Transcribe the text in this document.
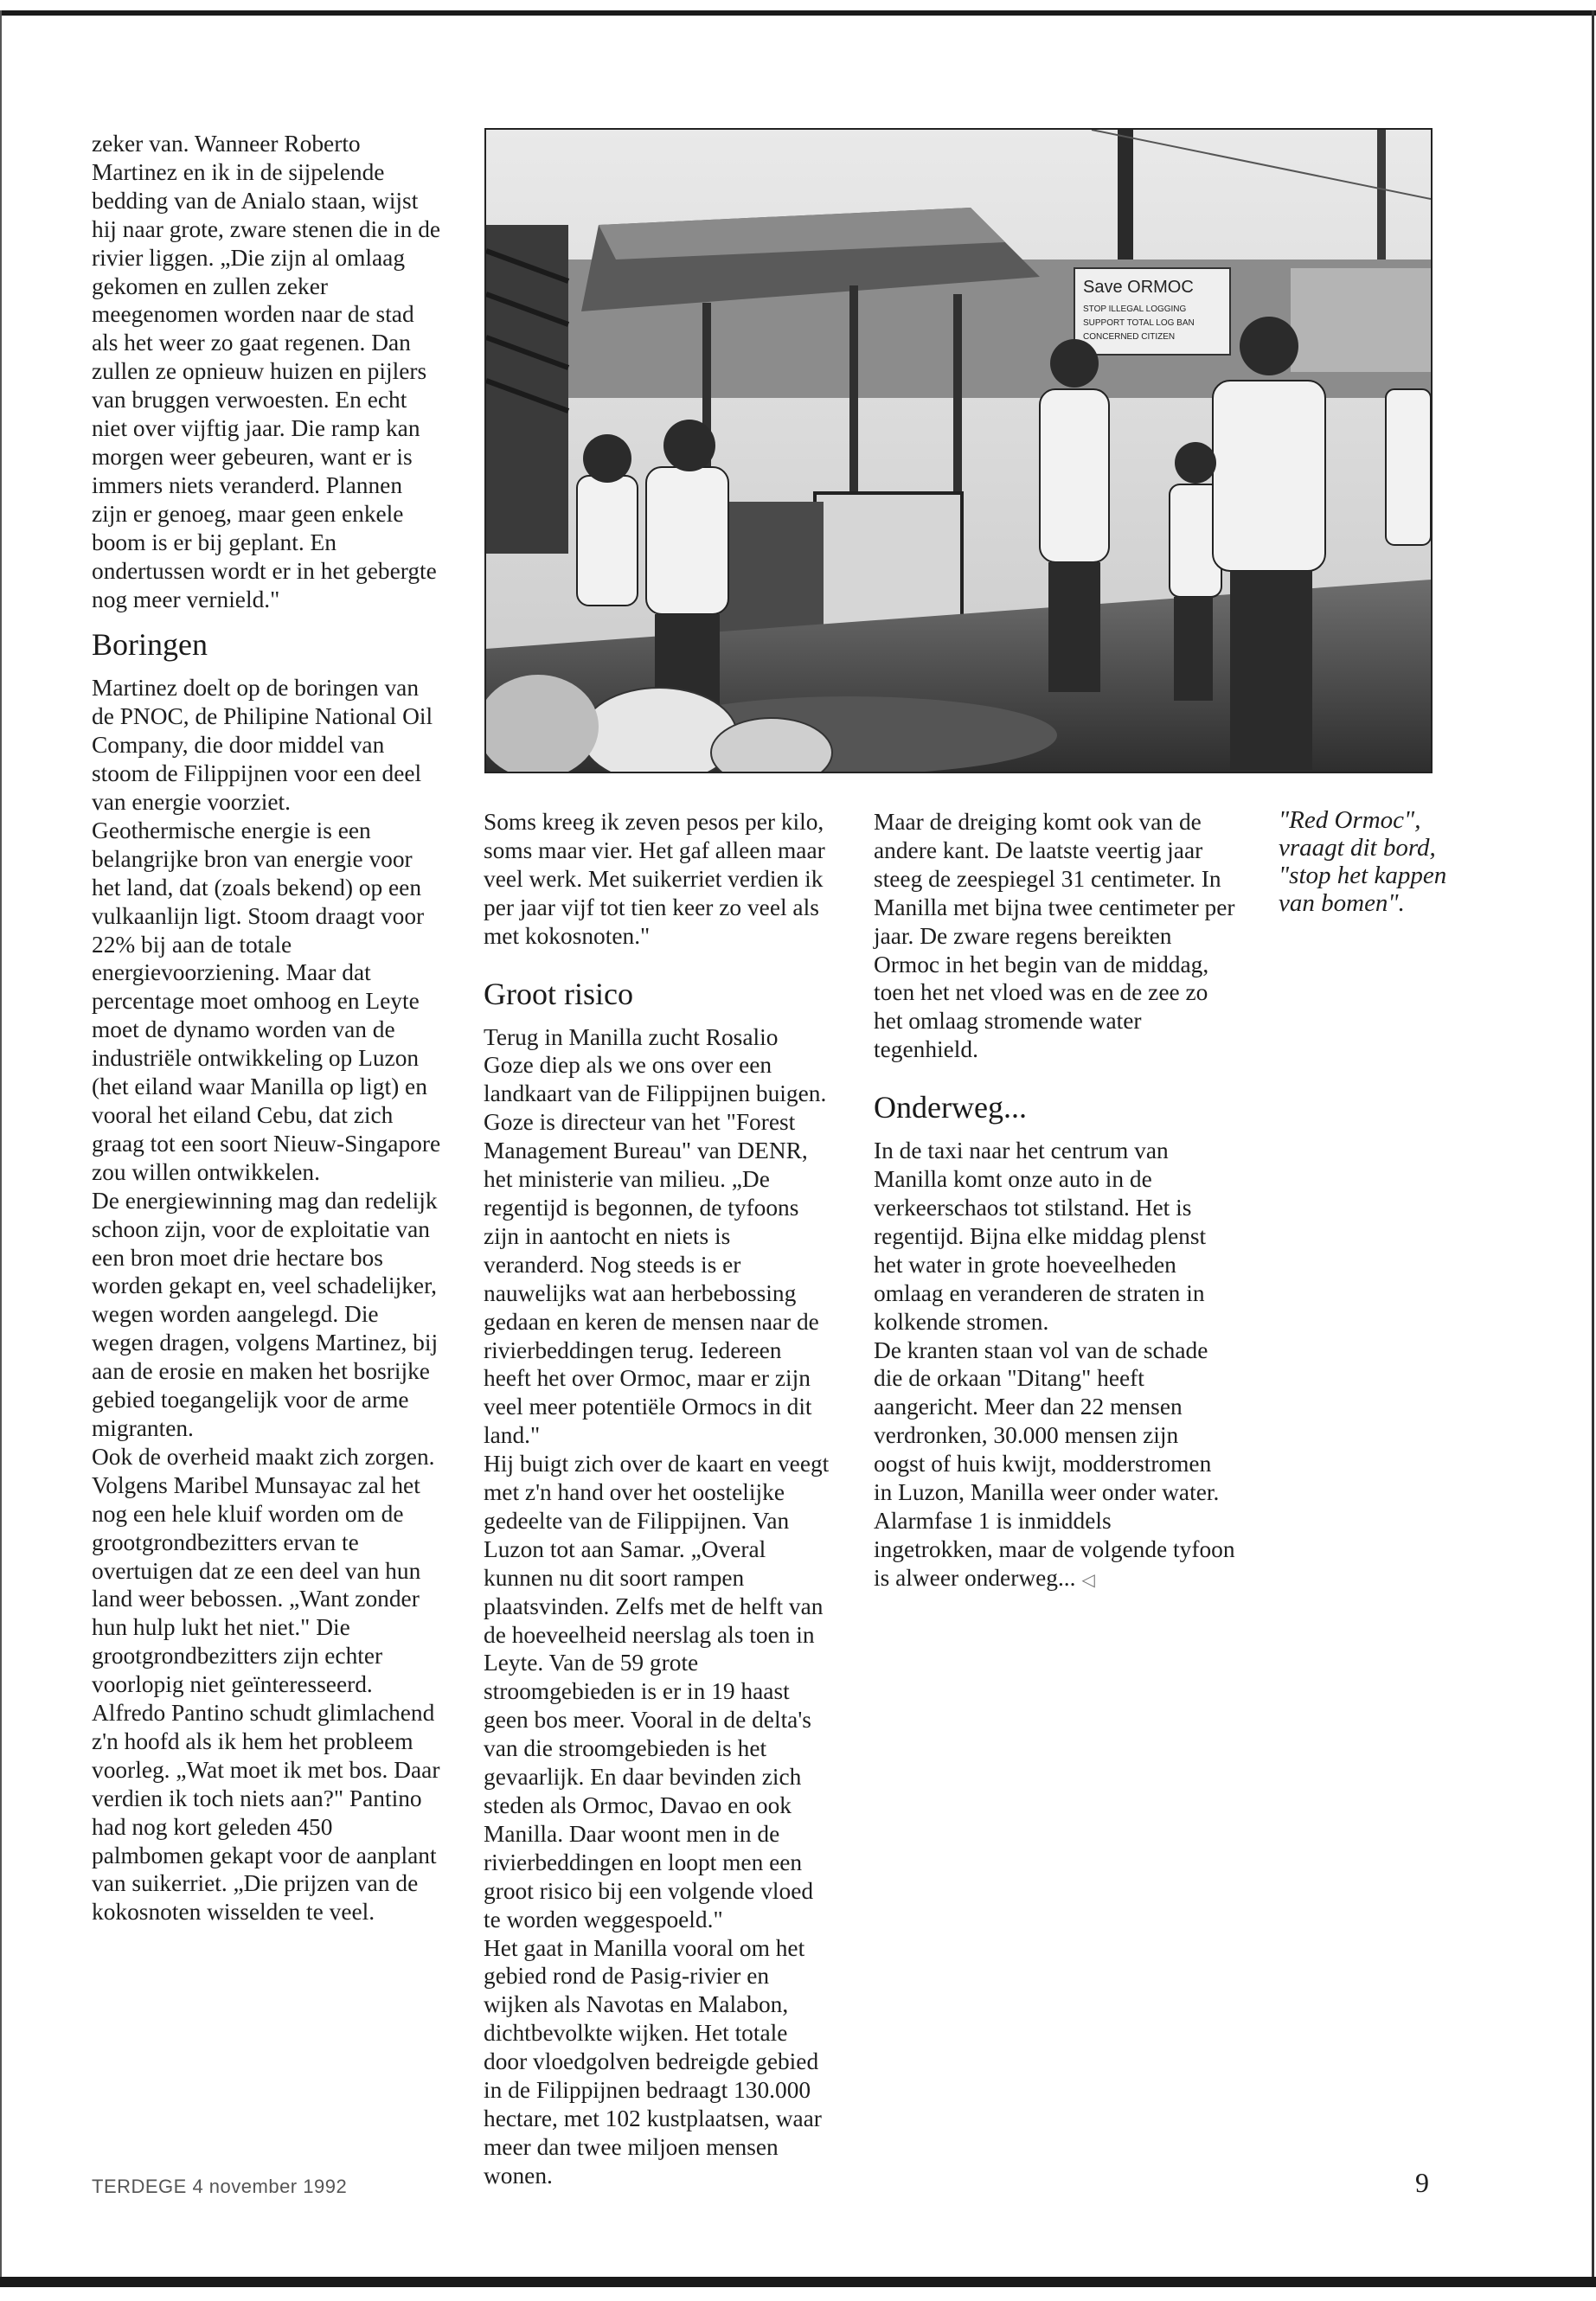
zeker van. Wanneer Roberto Martinez en ik in de sijpelende bedding van de Anialo staan, wijst hij naar grote, zware stenen die in de rivier liggen. „Die zijn al omlaag gekomen en zullen zeker meegenomen worden naar de stad als het weer zo gaat regenen. Dan zullen ze opnieuw huizen en pijlers van bruggen verwoesten. En echt niet over vijftig jaar. Die ramp kan morgen weer gebeuren, want er is immers niets veranderd. Plannen zijn er genoeg, maar geen enkele boom is er bij geplant. En ondertussen wordt er in het gebergte nog meer vernield."

Boringen

Martinez doelt op de boringen van de PNOC, de Philipine National Oil Company, die door middel van stoom de Filippijnen voor een deel van energie voorziet.

Geothermische energie is een belangrijke bron van energie voor het land, dat (zoals bekend) op een vulkaanlijn ligt. Stoom draagt voor 22% bij aan de totale energievoorziening. Maar dat percentage moet omhoog en Leyte moet de dynamo worden van de industriële ontwikkeling op Luzon (het eiland waar Manilla op ligt) en vooral het eiland Cebu, dat zich graag tot een soort Nieuw-Singapore zou willen ontwikkelen.

De energiewinning mag dan redelijk schoon zijn, voor de exploitatie van een bron moet drie hectare bos worden gekapt en, veel schadelijker, wegen worden aangelegd. Die wegen dragen, volgens Martinez, bij aan de erosie en maken het bosrijke gebied toegangelijk voor de arme migranten.

Ook de overheid maakt zich zorgen. Volgens Maribel Munsayac zal het nog een hele kluif worden om de grootgrondbezitters ervan te overtuigen dat ze een deel van hun land weer bebossen. „Want zonder hun hulp lukt het niet." Die grootgrondbezitters zijn echter voorlopig niet geïnteresseerd.

Alfredo Pantino schudt glimlachend z'n hoofd als ik hem het probleem voorleg. „Wat moet ik met bos. Daar verdien ik toch niets aan?" Pantino had nog kort geleden 450 palmbomen gekapt voor de aanplant van suikerriet. „Die prijzen van de kokosnoten wisselden te veel.

Save ORMOC
STOP ILLEGAL LOGGING
SUPPORT TOTAL LOG BAN
CONCERNED CITIZEN

Soms kreeg ik zeven pesos per kilo, soms maar vier. Het gaf alleen maar veel werk. Met suikerriet verdien ik per jaar vijf tot tien keer zo veel als met kokosnoten."

Groot risico

Terug in Manilla zucht Rosalio Goze diep als we ons over een landkaart van de Filippijnen buigen. Goze is directeur van het "Forest Management Bureau" van DENR, het ministerie van milieu. „De regentijd is begonnen, de tyfoons zijn in aantocht en niets is veranderd. Nog steeds is er nauwelijks wat aan herbebossing gedaan en keren de mensen naar de rivierbeddingen terug. Iedereen heeft het over Ormoc, maar er zijn veel meer potentiële Ormocs in dit land."

Hij buigt zich over de kaart en veegt met z'n hand over het oostelijke gedeelte van de Filippijnen. Van Luzon tot aan Samar. „Overal kunnen nu dit soort rampen plaatsvinden. Zelfs met de helft van de hoeveelheid neerslag als toen in Leyte. Van de 59 grote stroomgebieden is er in 19 haast geen bos meer. Vooral in de delta's van die stroomgebieden is het gevaarlijk. En daar bevinden zich steden als Ormoc, Davao en ook Manilla. Daar woont men in de rivierbeddingen en loopt men een groot risico bij een volgende vloed te worden weggespoeld."

Het gaat in Manilla vooral om het gebied rond de Pasig-rivier en wijken als Navotas en Malabon, dichtbevolkte wijken. Het totale door vloedgolven bedreigde gebied in de Filippijnen bedraagt 130.000 hectare, met 102 kustplaatsen, waar meer dan twee miljoen mensen wonen.

Maar de dreiging komt ook van de andere kant. De laatste veertig jaar steeg de zeespiegel 31 centimeter. In Manilla met bijna twee centimeter per jaar. De zware regens bereikten Ormoc in het begin van de middag, toen het net vloed was en de zee zo het omlaag stromende water tegenhield.

Onderweg...

In de taxi naar het centrum van Manilla komt onze auto in de verkeerschaos tot stilstand. Het is regentijd. Bijna elke middag plenst het water in grote hoeveelheden omlaag en veranderen de straten in kolkende stromen.

De kranten staan vol van de schade die de orkaan "Ditang" heeft aangericht. Meer dan 22 mensen verdronken, 30.000 mensen zijn oogst of huis kwijt, modderstromen in Luzon, Manilla weer onder water.

Alarmfase 1 is inmiddels ingetrokken, maar de volgende tyfoon is alweer onderweg... ◁

"Red Ormoc", vraagt dit bord, "stop het kappen van bomen".
TERDEGE 4 november 1992	9
